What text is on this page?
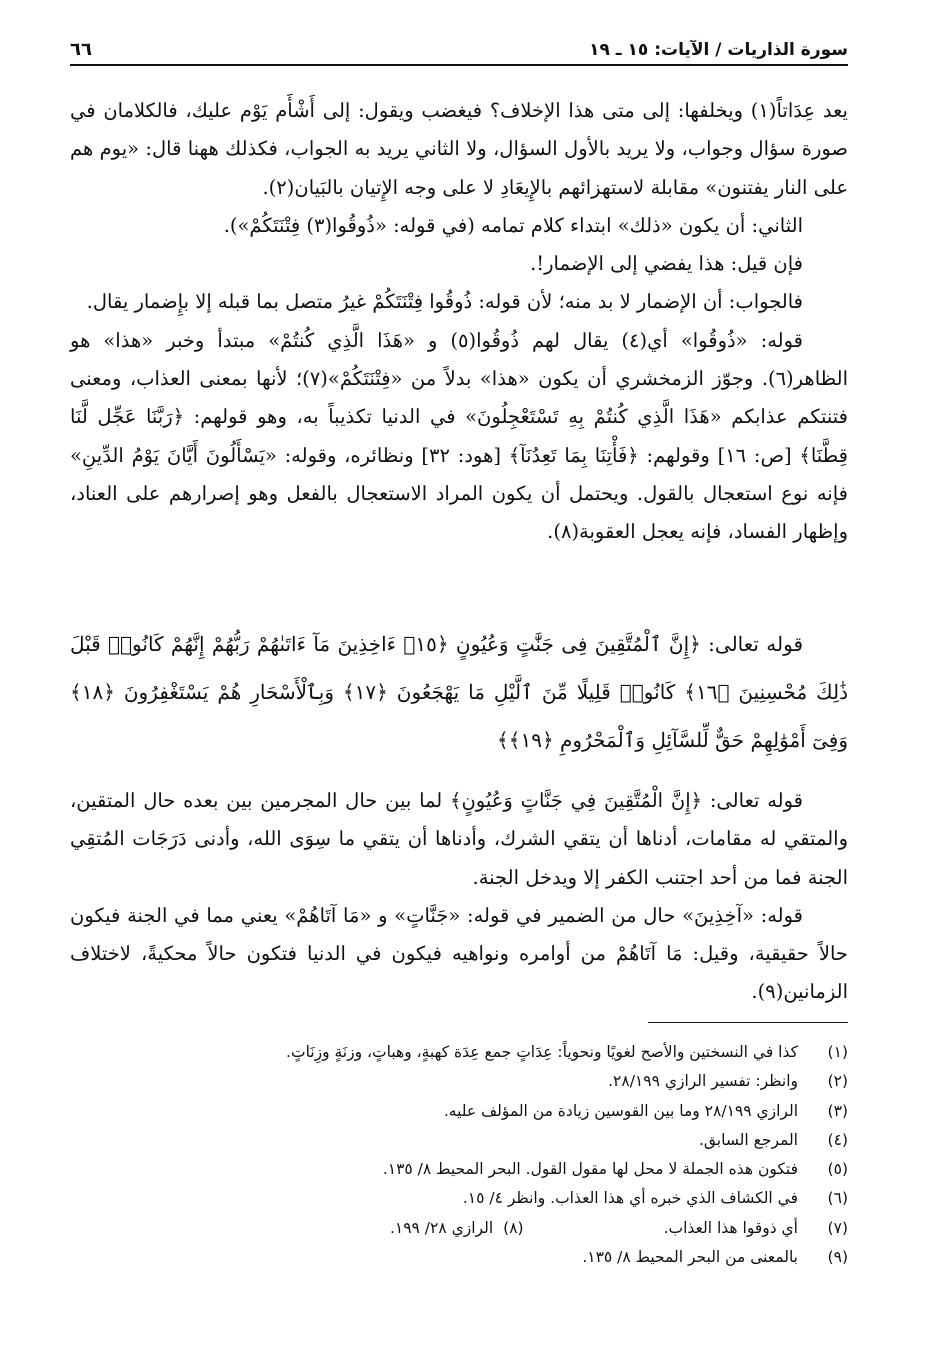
سورة الذاريات / الآيات: ١٥ ـ ١٩
٦٦

يعد عِدَاتاً(١) ويخلفها: إلى متى هذا الإخلاف؟ فيغضب ويقول: إلى أَشْأَم يَوْم عليك، فالكلامان في صورة سؤال وجواب، ولا يريد بالأول السؤال، ولا الثاني يريد به الجواب، فكذلك ههنا قال: «يوم هم على النار يفتنون» مقابلة لاستهزائهم بالإِيعَادِ لا على وجه الإِتيان بالبَيان(٢).

الثاني: أن يكون «ذلك» ابتداء كلام تمامه (في قوله: «ذُوقُوا(٣) فِتْنَتَكُمْ»).

فإن قيل: هذا يفضي إلى الإضمار!.

فالجواب: أن الإضمار لا بد منه؛ لأن قوله: ذُوقُوا فِتْنَتَكُمْ غيرُ متصل بما قبله إلا بإِضمار يقال.

قوله: «ذُوقُوا» أي(٤) يقال لهم ذُوقُوا(٥) و «هَذَا الَّذِي كُنتُمْ» مبتدأ وخبر «هذا» هو الظاهر(٦). وجوّز الزمخشري أن يكون «هذا» بدلاً من «فِتْنَتَكُمْ»(٧)؛ لأنها بمعنى العذاب، ومعنى فتنتكم عذابكم «هَذَا الَّذِي كُنتُمْ بِهِ تَسْتَعْجِلُونَ» في الدنيا تكذيباً به، وهو قولهم: ﴿رَبَّنَا عَجِّل لَّنَا قِطَّنَا﴾ [ص: ١٦] وقولهم: ﴿فَأْتِنَا بِمَا تَعِدُنَآ﴾ [هود: ٣٢] ونظائره، وقوله: «يَسْأَلُونَ أَيَّانَ يَوْمُ الدِّينِ» فإنه نوع استعجال بالقول. ويحتمل أن يكون المراد الاستعجال بالفعل وهو إصرارهم على العناد، وإظهار الفساد، فإنه يعجل العقوبة(٨).

قوله تعالى: ﴿إِنَّ ٱلْمُتَّقِينَ فِى جَنَّٰتٍ وَعُيُونٍ ﴿١٥﴾ ءَاخِذِينَ مَآ ءَاتَىٰهُمْ رَبُّهُمْ إِنَّهُمْ كَانُوا۟ قَبْلَ ذَٰلِكَ مُحْسِنِينَ ﴿١٦﴾ كَانُوا۟ قَلِيلًا مِّنَ ٱلَّيْلِ مَا يَهْجَعُونَ ﴿١٧﴾ وَبِٱلْأَسْحَارِ هُمْ يَسْتَغْفِرُونَ ﴿١٨﴾ وَفِىٓ أَمْوَٰلِهِمْ حَقٌّ لِّلسَّآئِلِ وَٱلْمَحْرُومِ ﴿١٩﴾﴾

قوله تعالى: ﴿إِنَّ الْمُتَّقِينَ فِي جَنَّاتٍ وَعُيُونٍ﴾ لما بين حال المجرمين بين بعده حال المتقين، والمتقي له مقامات، أدناها أن يتقي الشرك، وأدناها أن يتقي ما سِوَى الله، وأدنى دَرَجَات المُتقِي الجنة فما من أحد اجتنب الكفر إلا ويدخل الجنة.

قوله: «آخِذِينَ» حال من الضمير في قوله: «جَنَّاتٍ» و «مَا آتَاهُمْ» يعني مما في الجنة فيكون حالاً حقيقية، وقيل: مَا آتَاهُمْ من أوامره ونواهيه فيكون في الدنيا فتكون حالاً محكيةً، لاختلاف الزمانين(٩).

(١)
كذا في النسختين والأصح لغويًا ونحوياً: عِدَاتٍ جمع عِدَة كهبةٍ، وهباتٍ، وزنَةٍ وزِنَاتٍ.
(٢)
وانظر: تفسير الرازي ٢٨/١٩٩.
(٣)
الرازي ٢٨/١٩٩ وما بين القوسين زيادة من المؤلف عليه.
(٤)
المرجع السابق.
(٥)
فتكون هذه الجملة لا محل لها مقول القول. البحر المحيط ٨/ ١٣٥.
(٦)
في الكشاف الذي خبره أي هذا العذاب. وانظر ٤/ ١٥.
(٧)
أي ذوقوا هذا العذاب.
(٨)
الرازي ٢٨/ ١٩٩.
(٩)
بالمعنى من البحر المحيط ٨/ ١٣٥.
